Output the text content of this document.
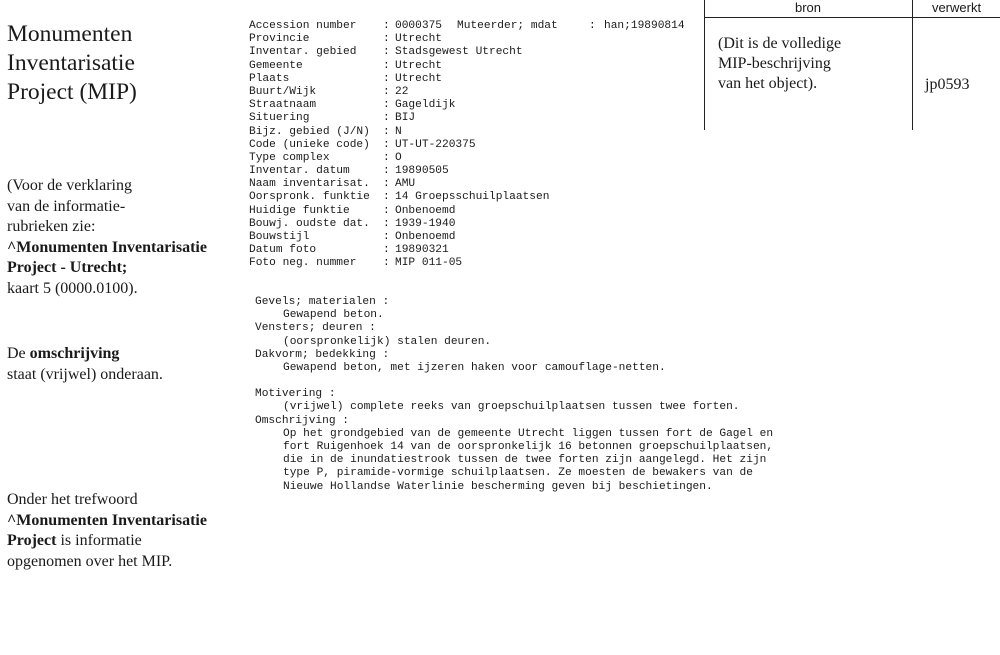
Monumenten
Inventarisatie
Project (MIP)
(Voor de verklaring
van de informatie-
rubrieken zie:
^Monumenten Inventarisatie
Project - Utrecht;
kaart 5 (0000.0100).
De omschrijving
staat (vrijwel) onderaan.
Onder het trefwoord
^Monumenten Inventarisatie
Project is informatie
opgenomen over het MIP.
Accession number : 0000375 Muteerder; mdat	: han;19890814
Provincie	: Utrecht
Inventar. gebied : Stadsgewest Utrecht
Gemeente	: Utrecht
Plaats	: Utrecht
Buurt/Wijk	: 22
Straatnaam	: Gageldijk
Situering	: BIJ
Bijz. gebied (J/N) : N
Code (unieke code) : UT-UT-220375
Type complex	: O
Inventar. datum	: 19890505
Naam inventarisat. : AMU
Oorspronk. funktie : 14 Groepsschuilplaatsen
Huidige funktie	: Onbenoemd
Bouwj. oudste dat. : 1939-1940
Bouwstijl	: Onbenoemd
Datum foto	: 19890321
Foto neg. nummer : MIP 011-05
Gevels; materialen :
Gewapend beton.
Vensters; deuren :
(oorspronkelijk) stalen deuren.
Dakvorm; bedekking :
Gewapend beton, met ijzeren haken voor camouflage-netten.
Motivering :
(vrijwel) complete reeks van groepschuilplaatsen tussen twee forten.
Omschrijving :
Op het grondgebied van de gemeente Utrecht liggen tussen fort de Gagel en
fort Ruigenhoek 14 van de oorspronkelijk 16 betonnen groepschuilplaatsen,
die in de inundatiestrook tussen de twee forten zijn aangelegd. Het zijn
type P, piramide-vormige schuilplaatsen. Ze moesten de bewakers van de
Nieuwe Hollandse Waterlinie bescherming geven bij beschietingen.
bron	verwerkt
(Dit is de volledige
MIP-beschrijving
van het object).	jp0593
